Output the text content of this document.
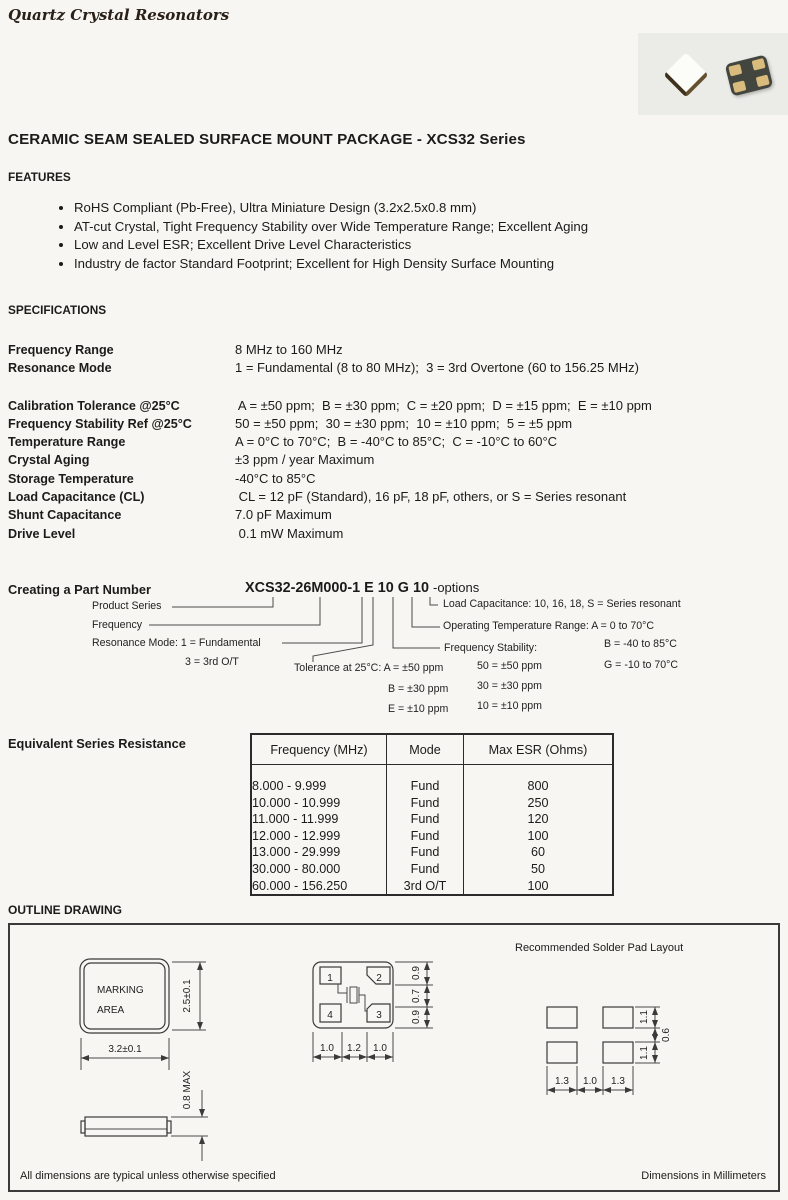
Quartz Crystal Resonators
CERAMIC SEAM SEALED SURFACE MOUNT PACKAGE - XCS32 Series
FEATURES
• RoHS Compliant (Pb-Free), Ultra Miniature Design (3.2x2.5x0.8 mm)
• AT-cut Crystal, Tight Frequency Stability over Wide Temperature Range; Excellent Aging
• Low and Level ESR; Excellent Drive Level Characteristics
• Industry de factor Standard Footprint; Excellent for High Density Surface Mounting
SPECIFICATIONS
Frequency Range	8 MHz to 160 MHz
Resonance Mode	1 = Fundamental (8 to 80 MHz);  3 = 3rd Overtone (60 to 156.25 MHz)
Calibration Tolerance @25°C	A = ±50 ppm;  B = ±30 ppm;  C = ±20 ppm;  D = ±15 ppm;  E = ±10 ppm
Frequency Stability Ref @25°C	50 = ±50 ppm;  30 = ±30 ppm;  10 = ±10 ppm;  5 = ±5 ppm
Temperature Range	A = 0°C to 70°C;  B = -40°C to 85°C;  C = -10°C to 60°C
Crystal Aging	±3 ppm / year Maximum
Storage Temperature	-40°C to 85°C
Load Capacitance (CL)	CL = 12 pF (Standard), 16 pF, 18 pF, others, or S = Series resonant
Shunt Capacitance	7.0 pF Maximum
Drive Level	0.1 mW Maximum
Creating a Part Number	XCS32-26M000-1 E 10 G 10 -options
Product Series
Frequency
Resonance Mode: 1 = Fundamental
3 = 3rd O/T	Tolerance at 25°C: A = ±50 ppm
B = ±30 ppm
E = ±10 ppm
Frequency Stability:
50 = ±50 ppm
30 = ±30 ppm
10 = ±10 ppm
Load Capacitance: 10, 16, 18, S = Series resonant
Operating Temperature Range: A = 0 to 70°C
B = -40 to 85°C
G = -10 to 70°C
Equivalent Series Resistance	Frequency (MHz)	Mode	Max ESR (Ohms)
8.000 - 9.999	Fund	800
10.000 - 10.999	Fund	250
11.000 - 11.999	Fund	120
12.000 - 12.999	Fund	100
13.000 - 29.999	Fund	60
30.000 - 80.000	Fund	50
60.000 - 156.250	3rd O/T	100
OUTLINE DRAWING
MARKING
AREA	2.5±0.1
3.2±0.1
0.8 MAX
1	2
4	3
0.9
0.7
0.9
1.0 1.2 1.0
Recommended Solder Pad Layout
1.1
0.6
1.1
1.3 1.0 1.3
All dimensions are typical unless otherwise specified	Dimensions in Millimeters
